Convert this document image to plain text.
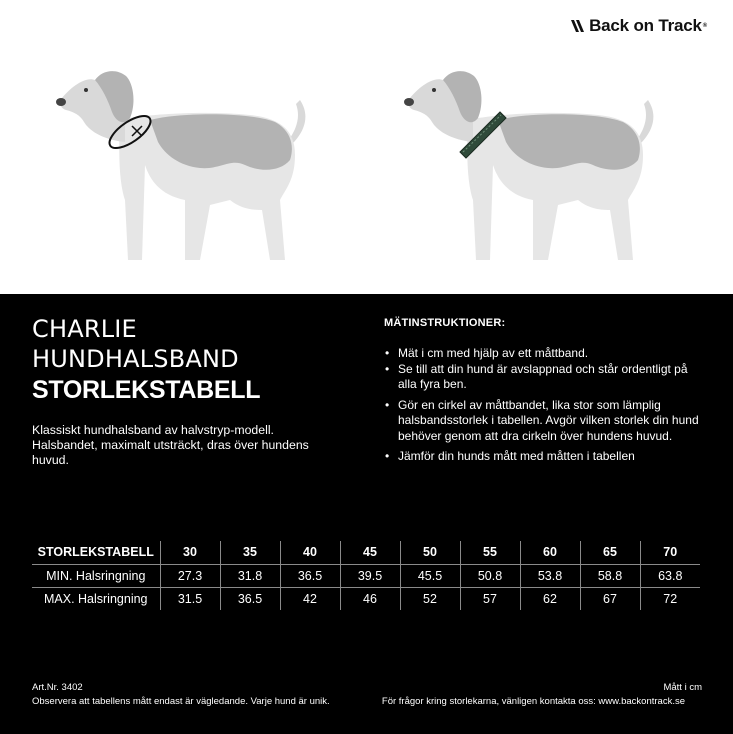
Back on Track ®
CHARLIE
HUNDHALSBAND
STORLEKSTABELL
Klassiskt hundhalsband av halvstryp-modell. Halsbandet, maximalt utsträckt, dras över hundens huvud.
MÄTINSTRUKTIONER:
• Mät i cm med hjälp av ett måttband.
• Se till att din hund är avslappnad och står ordentligt på alla fyra ben.
• Gör en cirkel av måttbandet, lika stor som lämplig halsbandsstorlek i tabellen. Avgör vilken storlek din hund behöver genom att dra cirkeln över hundens huvud.
• Jämför din hunds mått med måtten i tabellen
STORLEKSTABELL	30	35	40	45	50	55	60	65	70
MIN. Halsringning	27.3	31.8	36.5	39.5	45.5	50.8	53.8	58.8	63.8
MAX. Halsringning	31.5	36.5	42	46	52	57	62	67	72
Art.Nr. 3402
Observera att tabellens mått endast är vägledande. Varje hund är unik.
Mått i cm
För frågor kring storlekarna, vänligen kontakta oss: www.backontrack.se
